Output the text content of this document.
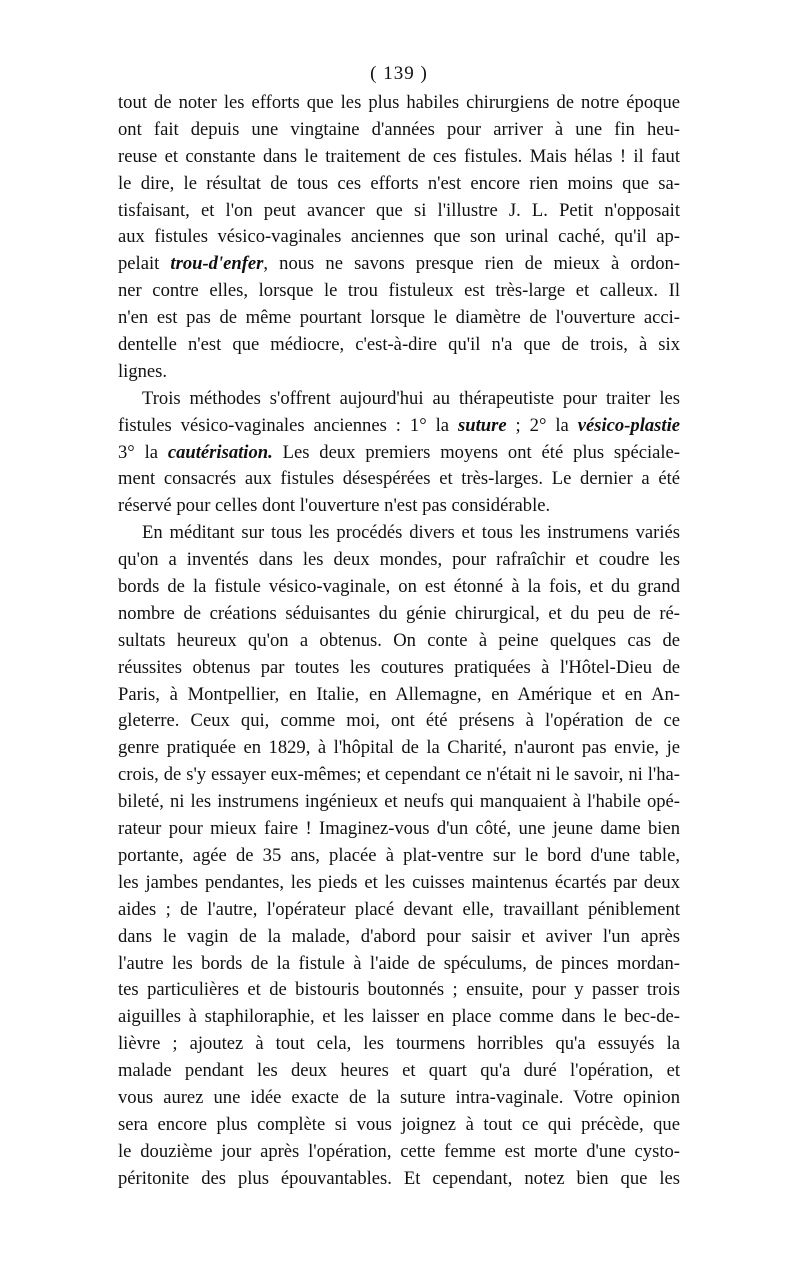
( 139 )
tout de noter les efforts que les plus habiles chirurgiens de notre époque
ont fait depuis une vingtaine d'années pour arriver à une fin heu-
reuse et constante dans le traitement de ces fistules. Mais hélas ! il faut
le dire, le résultat de tous ces efforts n'est encore rien moins que sa-
tisfaisant, et l'on peut avancer que si l'illustre J. L. Petit n'opposait
aux fistules vésico-vaginales anciennes que son urinal caché, qu'il ap-
pelait trou-d'enfer, nous ne savons presque rien de mieux à ordon-
ner contre elles, lorsque le trou fistuleux est très-large et calleux. Il
n'en est pas de même pourtant lorsque le diamètre de l'ouverture acci-
dentelle n'est que médiocre, c'est-à-dire qu'il n'a que de trois, à six
lignes.
Trois méthodes s'offrent aujourd'hui au thérapeutiste pour traiter les
fistules vésico-vaginales anciennes : 1° la suture ; 2° la vésico-plastie
3° la cautérisation. Les deux premiers moyens ont été plus spéciale-
ment consacrés aux fistules désespérées et très-larges. Le dernier a été
réservé pour celles dont l'ouverture n'est pas considérable.
En méditant sur tous les procédés divers et tous les instrumens variés
qu'on a inventés dans les deux mondes, pour rafraîchir et coudre les
bords de la fistule vésico-vaginale, on est étonné à la fois, et du grand
nombre de créations séduisantes du génie chirurgical, et du peu de ré-
sultats heureux qu'on a obtenus. On conte à peine quelques cas de
réussites obtenus par toutes les coutures pratiquées à l'Hôtel-Dieu de
Paris, à Montpellier, en Italie, en Allemagne, en Amérique et en An-
gleterre. Ceux qui, comme moi, ont été présens à l'opération de ce
genre pratiquée en 1829, à l'hôpital de la Charité, n'auront pas envie, je
crois, de s'y essayer eux-mêmes; et cependant ce n'était ni le savoir, ni l'ha-
bileté, ni les instrumens ingénieux et neufs qui manquaient à l'habile opé-
rateur pour mieux faire ! Imaginez-vous d'un côté, une jeune dame bien
portante, agée de 35 ans, placée à plat-ventre sur le bord d'une table,
les jambes pendantes, les pieds et les cuisses maintenus écartés par deux
aides ; de l'autre, l'opérateur placé devant elle, travaillant péniblement
dans le vagin de la malade, d'abord pour saisir et aviver l'un après
l'autre les bords de la fistule à l'aide de spéculums, de pinces mordan-
tes particulières et de bistouris boutonnés ; ensuite, pour y passer trois
aiguilles à staphiloraphie, et les laisser en place comme dans le bec-de-
lièvre ; ajoutez à tout cela, les tourmens horribles qu'a essuyés la
malade pendant les deux heures et quart qu'a duré l'opération, et
vous aurez une idée exacte de la suture intra-vaginale. Votre opinion
sera encore plus complète si vous joignez à tout ce qui précède, que
le douzième jour après l'opération, cette femme est morte d'une cysto-
péritonite des plus épouvantables. Et cependant, notez bien que les
